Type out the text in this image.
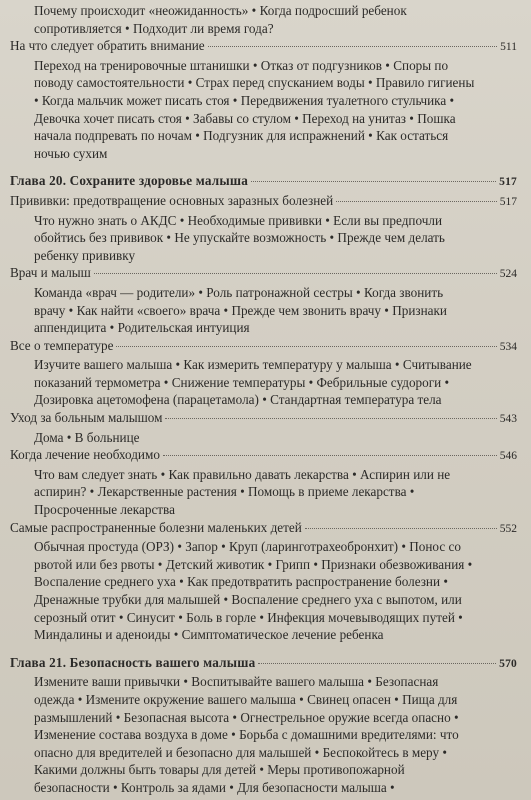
Почему происходит «неожиданность» • Когда подросший ребенок
сопротивляется • Подходит ли время года?
На что следует обратить внимание	511
Переход на тренировочные штанишки • Отказ от подгузников • Споры по
поводу самостоятельности • Страх перед спусканием воды • Правило гигиены
• Когда мальчик может писать стоя • Передвижения туалетного стульчика •
Девочка хочет писать стоя • Забавы со стулом • Переход на унитаз • Пошка
начала подпревать по ночам • Подгузник для испражнений • Как остаться
ночью сухим
Глава 20. Сохраните здоровье малыша	517
Прививки: предотвращение основных заразных болезней	517
Что нужно знать о АКДС • Необходимые прививки • Если вы предпочли
обойтись без прививок • Не упускайте возможность • Прежде чем делать
ребенку прививку
Врач и малыш	524
Команда «врач — родители» • Роль патронажной сестры • Когда звонить
врачу • Как найти «своего» врача • Прежде чем звонить врачу • Признаки
аппендицита • Родительская интуиция
Все о температуре	534
Изучите вашего малыша • Как измерить температуру у малыша • Считывание
показаний термометра • Снижение температуры • Фебрильные судороги •
Дозировка ацетомофена (парацетамола) • Стандартная температура тела
Уход за больным малышом	543
Дома • В больнице
Когда лечение необходимо	546
Что вам следует знать • Как правильно давать лекарства • Аспирин или не
аспирин? • Лекарственные растения • Помощь в приеме лекарства •
Просроченные лекарства
Самые распространенные болезни маленьких детей	552
Обычная простуда (ОРЗ) • Запор • Круп (ларинготрахеобронхит) • Понос со
рвотой или без рвоты • Детский животик • Грипп • Признаки обезвоживания •
Воспаление среднего уха • Как предотвратить распространение болезни •
Дренажные трубки для малышей • Воспаление среднего уха с выпотом, или
серозный отит • Синусит • Боль в горле • Инфекция мочевыводящих путей •
Миндалины и аденоиды • Симптоматическое лечение ребенка
Глава 21. Безопасность вашего малыша	570
Измените ваши привычки • Воспитывайте вашего малыша • Безопасная
одежда • Измените окружение вашего малыша • Свинец опасен • Пища для
размышлений • Безопасная высота • Огнестрельное оружие всегда опасно •
Изменение состава воздуха в доме • Борьба с домашними вредителями: что
опасно для вредителей и безопасно для малышей • Беспокойтесь в меру •
Какими должны быть товары для детей • Меры противопожарной
безопасности • Контроль за ядами • Для безопасности малыша •
